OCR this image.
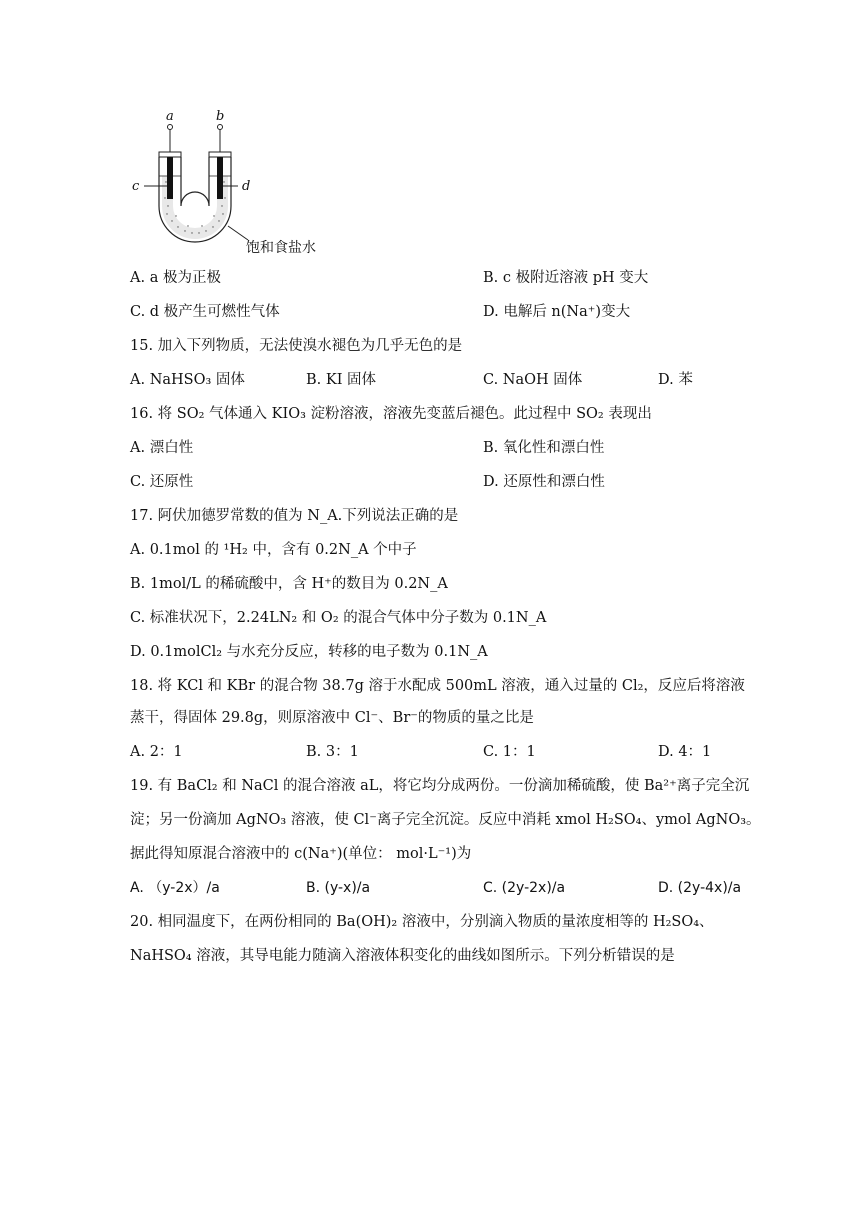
a	b
c	d
饱和食盐水
A. a 极为正极	B. c 极附近溶液 pH 变大
C. d 极产生可燃性气体	D. 电解后 n(Na⁺)变大
15. 加入下列物质，无法使溴水褪色为几乎无色的是
A. NaHSO₃ 固体	B. KI 固体	C. NaOH 固体	D. 苯
16. 将 SO₂ 气体通入 KIO₃ 淀粉溶液，溶液先变蓝后褪色。此过程中 SO₂ 表现出
A. 漂白性	B. 氧化性和漂白性
C. 还原性	D. 还原性和漂白性
17. 阿伏加德罗常数的值为 N_A.下列说法正确的是
A. 0.1mol 的 ¹H₂ 中，含有 0.2N_A 个中子
B. 1mol/L 的稀硫酸中，含 H⁺的数目为 0.2N_A
C. 标准状况下，2.24LN₂ 和 O₂ 的混合气体中分子数为 0.1N_A
D. 0.1molCl₂ 与水充分反应，转移的电子数为 0.1N_A
18. 将 KCl 和 KBr 的混合物 38.7g 溶于水配成 500mL 溶液，通入过量的 Cl₂，反应后将溶液
蒸干，得固体 29.8g，则原溶液中 Cl⁻、Br⁻的物质的量之比是
A. 2：1	B. 3：1	C. 1：1	D. 4：1
19. 有 BaCl₂ 和 NaCl 的混合溶液 aL，将它均分成两份。一份滴加稀硫酸，使 Ba²⁺离子完全沉
淀；另一份滴加 AgNO₃ 溶液，使 Cl⁻离子完全沉淀。反应中消耗 xmol H₂SO₄、ymol AgNO₃。
据此得知原混合溶液中的 c(Na⁺)(单位： mol·L⁻¹)为
A. （y-2x）/a	B. (y-x)/a	C. (2y-2x)/a	D. (2y-4x)/a
20. 相同温度下，在两份相同的 Ba(OH)₂ 溶液中，分别滴入物质的量浓度相等的 H₂SO₄、
NaHSO₄ 溶液，其导电能力随滴入溶液体积变化的曲线如图所示。下列分析错误的是
